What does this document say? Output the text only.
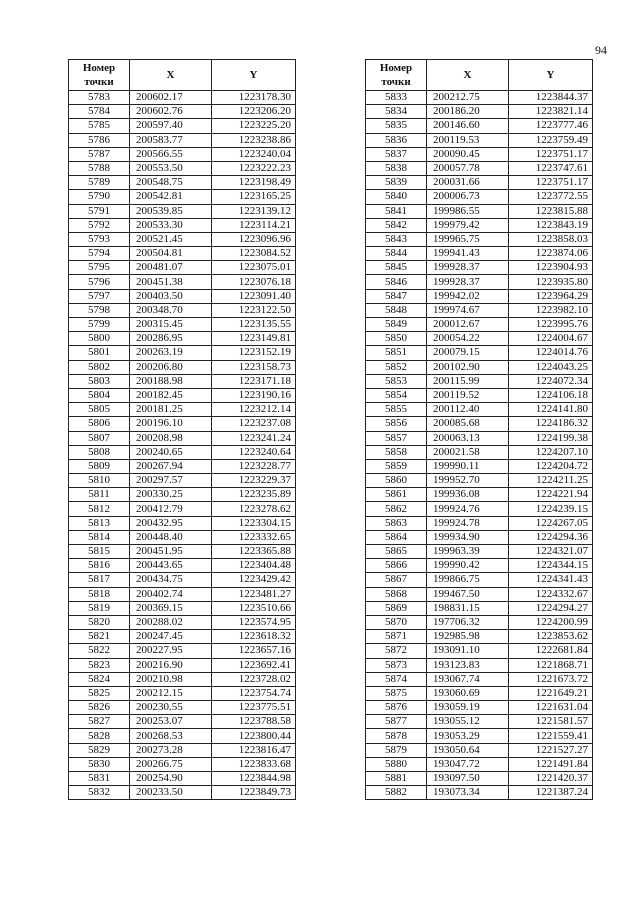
94
Номер
точки	X	Y
5783	200602.17	1223178.30
5784	200602.76	1223206.20
5785	200597.40	1223225.20
5786	200583.77	1223238.86
5787	200566.55	1223240.04
5788	200553.50	1223222.23
5789	200548.75	1223198.49
5790	200542.81	1223165.25
5791	200539.85	1223139.12
5792	200533.30	1223114.21
5793	200521.45	1223096.96
5794	200504.81	1223084.52
5795	200481.07	1223075.01
5796	200451.38	1223076.18
5797	200403.50	1223091.40
5798	200348.70	1223122.50
5799	200315.45	1223135.55
5800	200286.95	1223149.81
5801	200263.19	1223152.19
5802	200206.80	1223158.73
5803	200188.98	1223171.18
5804	200182.45	1223190.16
5805	200181.25	1223212.14
5806	200196.10	1223237.08
5807	200208.98	1223241.24
5808	200240.65	1223240.64
5809	200267.94	1223228.77
5810	200297.57	1223229.37
5811	200330.25	1223235.89
5812	200412.79	1223278.62
5813	200432.95	1223304.15
5814	200448.40	1223332.65
5815	200451.95	1223365.88
5816	200443.65	1223404.48
5817	200434.75	1223429.42
5818	200402.74	1223481.27
5819	200369.15	1223510.66
5820	200288.02	1223574.95
5821	200247.45	1223618.32
5822	200227.95	1223657.16
5823	200216.90	1223692.41
5824	200210.98	1223728.02
5825	200212.15	1223754.74
5826	200230.55	1223775.51
5827	200253.07	1223788.58
5828	200268.53	1223800.44
5829	200273.28	1223816.47
5830	200266.75	1223833.68
5831	200254.90	1223844.98
5832	200233.50	1223849.73
Номер
точки	X	Y
5833	200212.75	1223844.37
5834	200186.20	1223821.14
5835	200146.60	1223777.46
5836	200119.53	1223759.49
5837	200090.45	1223751.17
5838	200057.78	1223747.61
5839	200031.66	1223751.17
5840	200006.73	1223772.55
5841	199986.55	1223815.88
5842	199979.42	1223843.19
5843	199965.75	1223858.03
5844	199941.43	1223874.06
5845	199928.37	1223904.93
5846	199928.37	1223935.80
5847	199942.02	1223964.29
5848	199974.67	1223982.10
5849	200012.67	1223995.76
5850	200054.22	1224004.67
5851	200079.15	1224014.76
5852	200102.90	1224043.25
5853	200115.99	1224072.34
5854	200119.52	1224106.18
5855	200112.40	1224141.80
5856	200085.68	1224186.32
5857	200063.13	1224199.38
5858	200021.58	1224207.10
5859	199990.11	1224204.72
5860	199952.70	1224211.25
5861	199936.08	1224221.94
5862	199924.76	1224239.15
5863	199924.78	1224267.05
5864	199934.90	1224294.36
5865	199963.39	1224321.07
5866	199990.42	1224344.15
5867	199866.75	1224341.43
5868	199467.50	1224332.67
5869	198831.15	1224294.27
5870	197706.32	1224200.99
5871	192985.98	1223853.62
5872	193091.10	1222681.84
5873	193123.83	1221868.71
5874	193067.74	1221673.72
5875	193060.69	1221649.21
5876	193059.19	1221631.04
5877	193055.12	1221581.57
5878	193053.29	1221559.41
5879	193050.64	1221527.27
5880	193047.72	1221491.84
5881	193097.50	1221420.37
5882	193073.34	1221387.24
